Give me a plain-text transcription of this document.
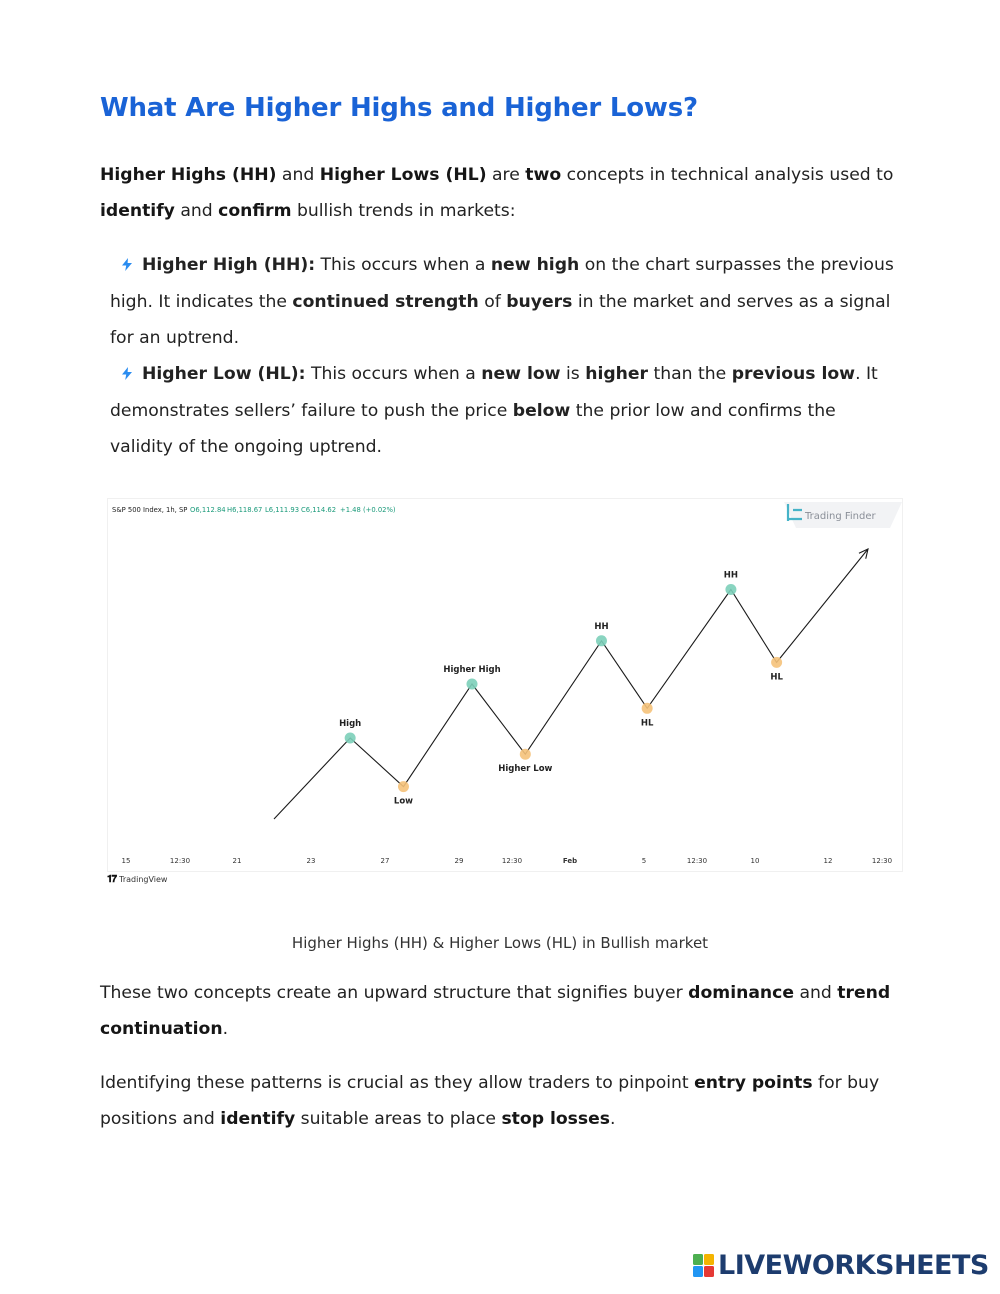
What Are Higher Highs and Higher Lows?

Higher Highs (HH) and Higher Lows (HL) are two concepts in technical analysis used to identify and confirm bullish trends in markets:

Higher High (HH): This occurs when a new high on the chart surpasses the previous high. It indicates the continued strength of buyers in the market and serves as a signal for an uptrend.
Higher Low (HL): This occurs when a new low is higher than the previous low. It demonstrates sellers’ failure to push the price below the prior low and confirms the validity of the ongoing uptrend.
S&P 500 Index, 1h, SP O6,112.84 H6,118.67 L6,111.93 C6,114.62 +1.48 (+0.02%)
Trading Finder
High
Low
Higher High
Higher Low
HH
HL
HH
HL
15	12:30	21	23	27	29	12:30	Feb	5	12:30	10	12	12:30
𝟏𝟕 TradingView

Higher Highs (HH) & Higher Lows (HL) in Bullish market

These two concepts create an upward structure that signifies buyer dominance and trend continuation.

Identifying these patterns is crucial as they allow traders to pinpoint entry points for buy positions and identify suitable areas to place stop losses.

LIVEWORKSHEETS
